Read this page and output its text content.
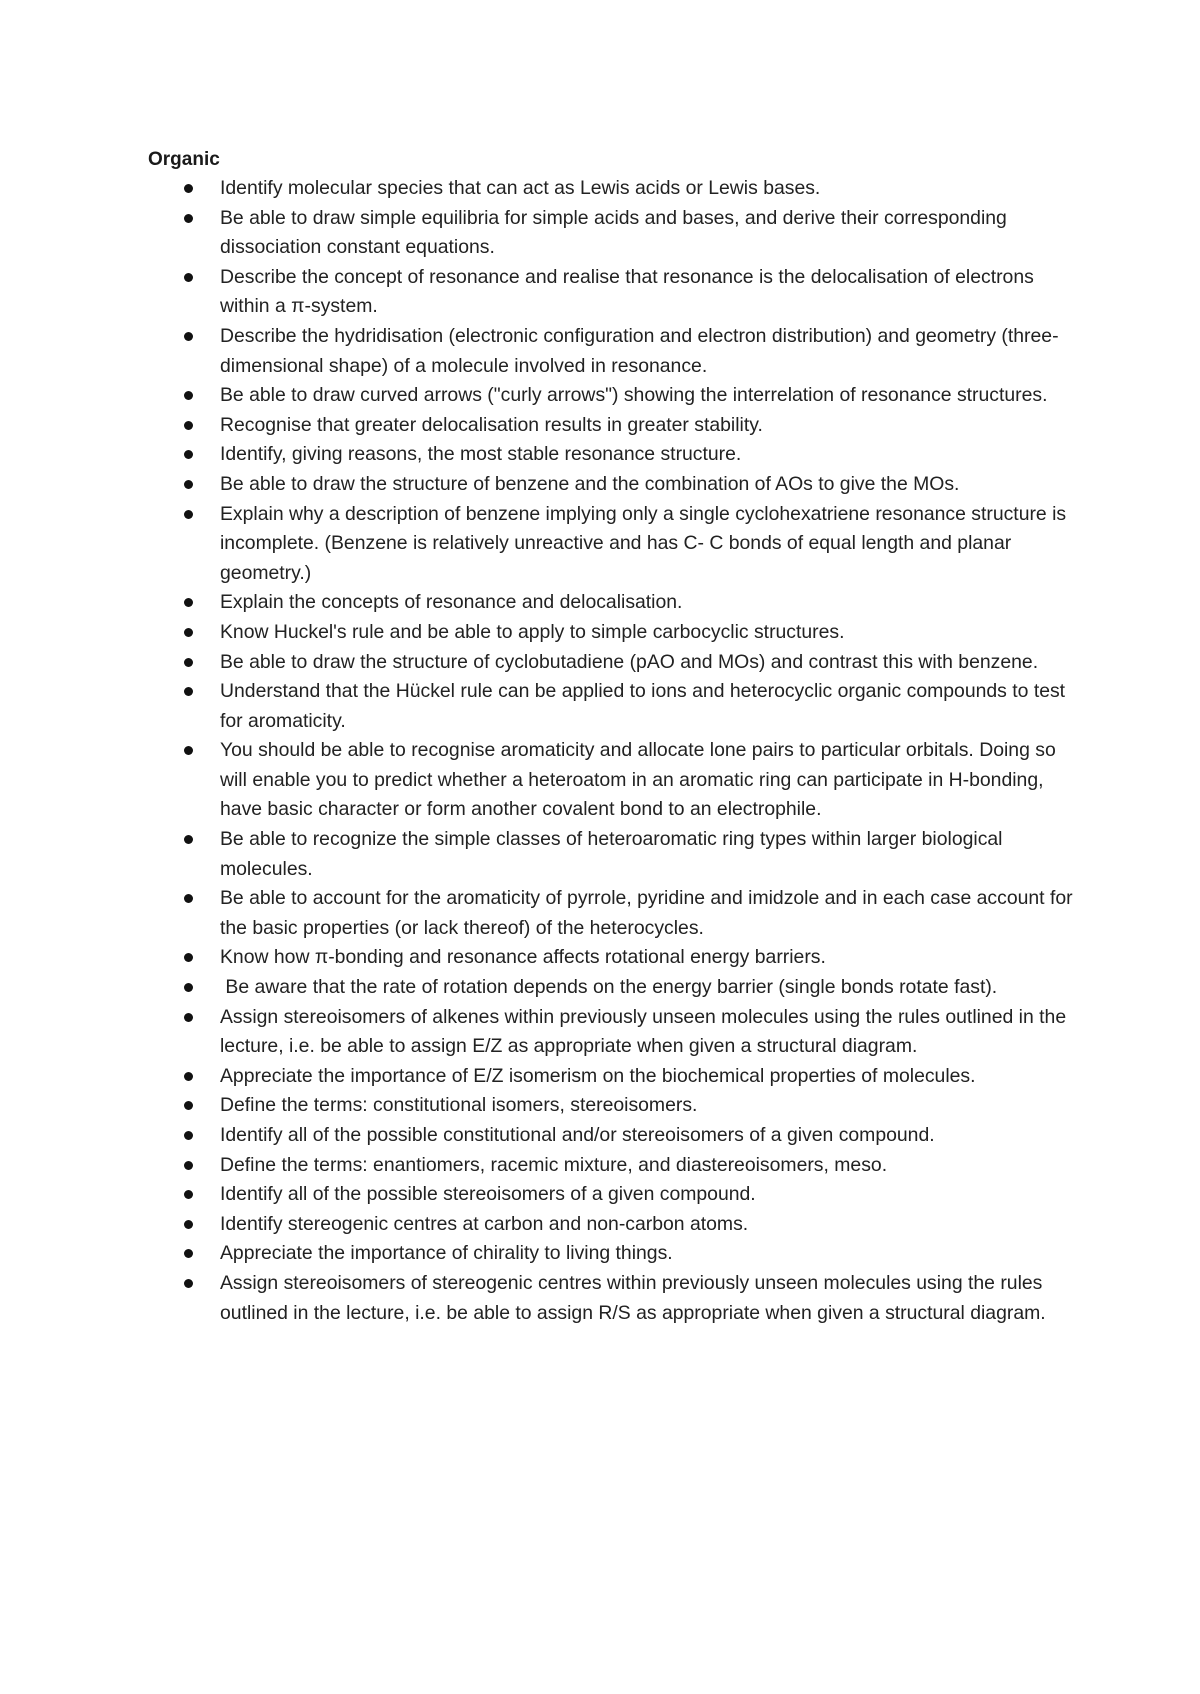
Organic
Identify molecular species that can act as Lewis acids or Lewis bases.
Be able to draw simple equilibria for simple acids and bases, and derive their corresponding dissociation constant equations.
Describe the concept of resonance and realise that resonance is the delocalisation of electrons within a π-system.
Describe the hydridisation (electronic configuration and electron distribution) and geometry (three-dimensional shape) of a molecule involved in resonance.
Be able to draw curved arrows ("curly arrows") showing the interrelation of resonance structures.
Recognise that greater delocalisation results in greater stability.
Identify, giving reasons, the most stable resonance structure.
Be able to draw the structure of benzene and the combination of AOs to give the MOs.
Explain why a description of benzene implying only a single cyclohexatriene resonance structure is incomplete. (Benzene is relatively unreactive and has C- C bonds of equal length and planar geometry.)
Explain the concepts of resonance and delocalisation.
Know Huckel's rule and be able to apply to simple carbocyclic structures.
Be able to draw the structure of cyclobutadiene (pAO and MOs) and contrast this with benzene.
Understand that the Hückel rule can be applied to ions and heterocyclic organic compounds to test for aromaticity.
You should be able to recognise aromaticity and allocate lone pairs to particular orbitals. Doing so will enable you to predict whether a heteroatom in an aromatic ring can participate in H-bonding, have basic character or form another covalent bond to an electrophile.
Be able to recognize the simple classes of heteroaromatic ring types within larger biological molecules.
Be able to account for the aromaticity of pyrrole, pyridine and imidzole and in each case account for the basic properties (or lack thereof) of the heterocycles.
Know how π-bonding and resonance affects rotational energy barriers.
Be aware that the rate of rotation depends on the energy barrier (single bonds rotate fast).
Assign stereoisomers of alkenes within previously unseen molecules using the rules outlined in the lecture, i.e. be able to assign E/Z as appropriate when given a structural diagram.
Appreciate the importance of E/Z isomerism on the biochemical properties of molecules.
Define the terms: constitutional isomers, stereoisomers.
Identify all of the possible constitutional and/or stereoisomers of a given compound.
Define the terms: enantiomers, racemic mixture, and diastereoisomers, meso.
Identify all of the possible stereoisomers of a given compound.
Identify stereogenic centres at carbon and non-carbon atoms.
Appreciate the importance of chirality to living things.
Assign stereoisomers of stereogenic centres within previously unseen molecules using the rules outlined in the lecture, i.e. be able to assign R/S as appropriate when given a structural diagram.
